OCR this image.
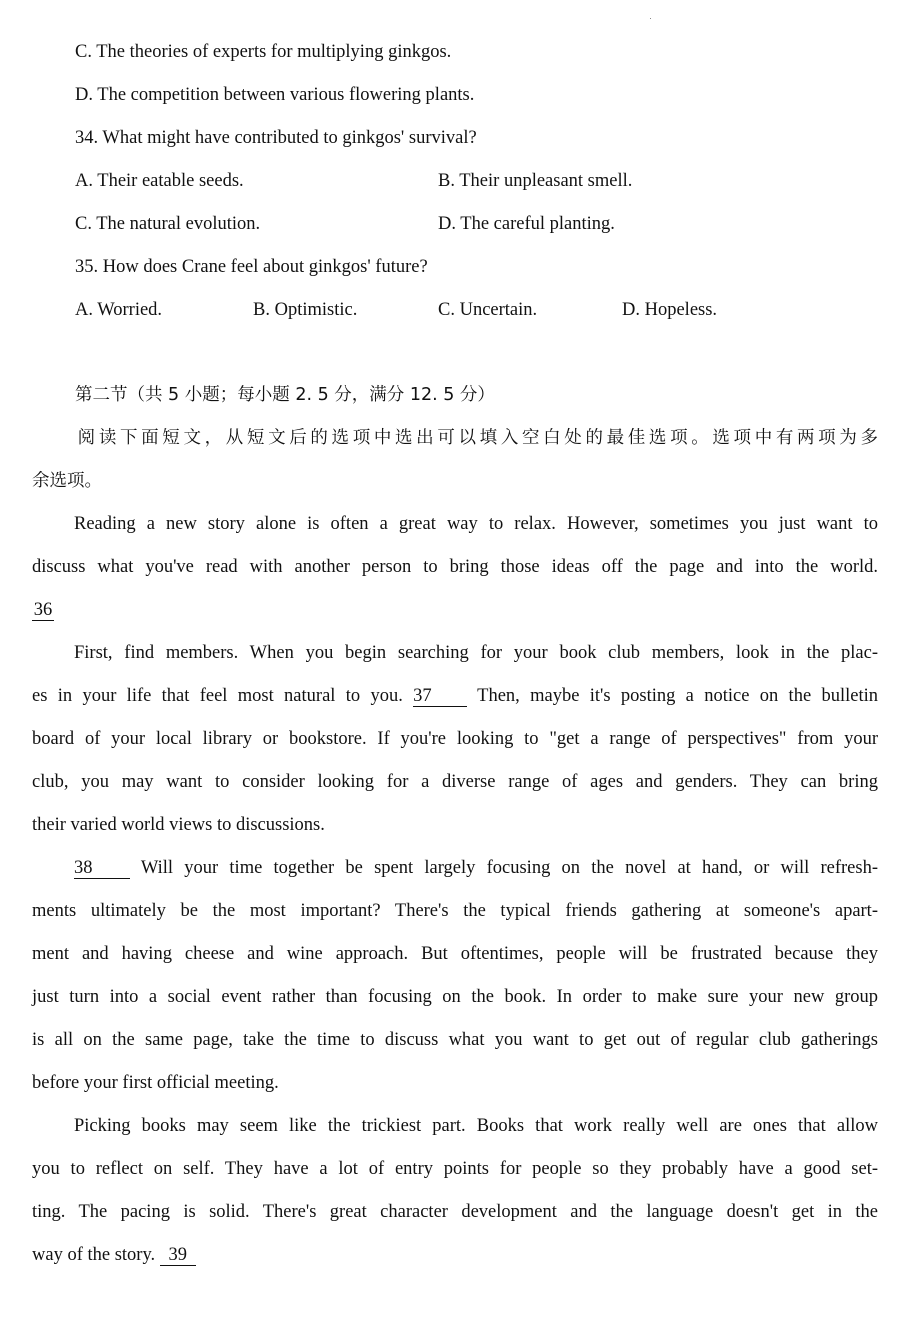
C. The theories of experts for multiplying ginkgos.
D. The competition between various flowering plants.
34. What might have contributed to ginkgos' survival?
A. Their eatable seeds.	B. Their unpleasant smell.
C. The natural evolution.	D. The careful planting.
35. How does Crane feel about ginkgos' future?
A. Worried.	B. Optimistic.	C. Uncertain.	D. Hopeless.
第二节（共 5 小题；每小题 2. 5 分，满分 12. 5 分）
阅读下面短文，从短文后的选项中选出可以填入空白处的最佳选项。选项中有两项为多
余选项。
Reading a new story alone is often a great way to relax. However, sometimes you just want to
discuss what you've read with another person to bring those ideas off the page and into the world.
36
First, find members. When you begin searching for your book club members, look in the plac-
es in your life that feel most natural to you. 37 Then, maybe it's posting a notice on the bulletin
board of your local library or bookstore. If you're looking to "get a range of perspectives" from your
club, you may want to consider looking for a diverse range of ages and genders. They can bring
their varied world views to discussions.
38	Will your time together be spent largely focusing on the novel at hand, or will refresh-
ments ultimately be the most important? There's the typical friends gathering at someone's apart-
ment and having cheese and wine approach. But oftentimes, people will be frustrated because they
just turn into a social event rather than focusing on the book. In order to make sure your new group
is all on the same page, take the time to discuss what you want to get out of regular club gatherings
before your first official meeting.
Picking books may seem like the trickiest part. Books that work really well are ones that allow
you to reflect on self. They have a lot of entry points for people so they probably have a good set-
ting. The pacing is solid. There's great character development and the language doesn't get in the
way of the story. 39
